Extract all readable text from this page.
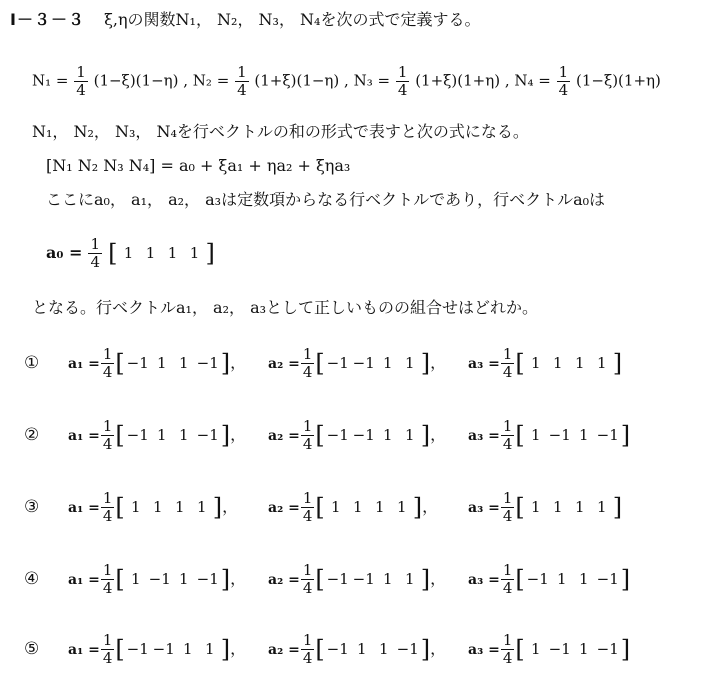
Ⅰ－３－３ ξ,ηの関数N₁， N₂， N₃， N₄を次の式で定義する。
$N_1 = \frac{1}{4} (1-\xi)(1-\eta)$ , $N_2 = \frac{1}{4} (1+\xi)(1-\eta)$ , $N_3 = \frac{1}{4} (1+\xi)(1+\eta)$ , $N_4 = \frac{1}{4} (1-\xi)(1+\eta)$
N₁， N₂， N₃， N₄を行ベクトルの和の形式で表すと次の式になる。
[N₁ N₂ N₃ N₄] = a₀ + ξa₁ + ηa₂ + ξηa₃
ここにa₀， a₁， a₂， a₃は定数項からなる行ベクトルであり，行ベクトルa₀は
$a_0 = \frac{1}{4}$ [ 1 1 1 1 ]
となる。行ベクトルa₁， a₂， a₃として正しいものの組合せはどれか。
① $a_1 = \frac{1}{4}$ [ −1 1 1 −1]， $a_2 = \frac{1}{4}$ [ −1 −1 1 1 ]， $a_3 = \frac{1}{4}$ [ 1 1 1 1 ]
② $a_1 = \frac{1}{4}$ [ −1 1 1 −1]， $a_2 = \frac{1}{4}$ [ −1 −1 1 1 ]， $a_3 = \frac{1}{4}$ [ 1 −1 1 −1]
③ $a_1 = \frac{1}{4}$ [ 1 1 1 1 ]， $a_2 = \frac{1}{4}$ [ 1 1 1 1 ]， $a_3 = \frac{1}{4}$ [ 1 1 1 1 ]
④ $a_1 = \frac{1}{4}$ [ 1 −1 1 −1]， $a_2 = \frac{1}{4}$ [ −1 −1 1 1 ]， $a_3 = \frac{1}{4}$ [ −1 1 1 −1]
⑤ $a_1 = \frac{1}{4}$ [ −1 −1 1 1 ]， $a_2 = \frac{1}{4}$ [ −1 1 1 −1]， $a_3 = \frac{1}{4}$ [ 1 −1 1 −1]
